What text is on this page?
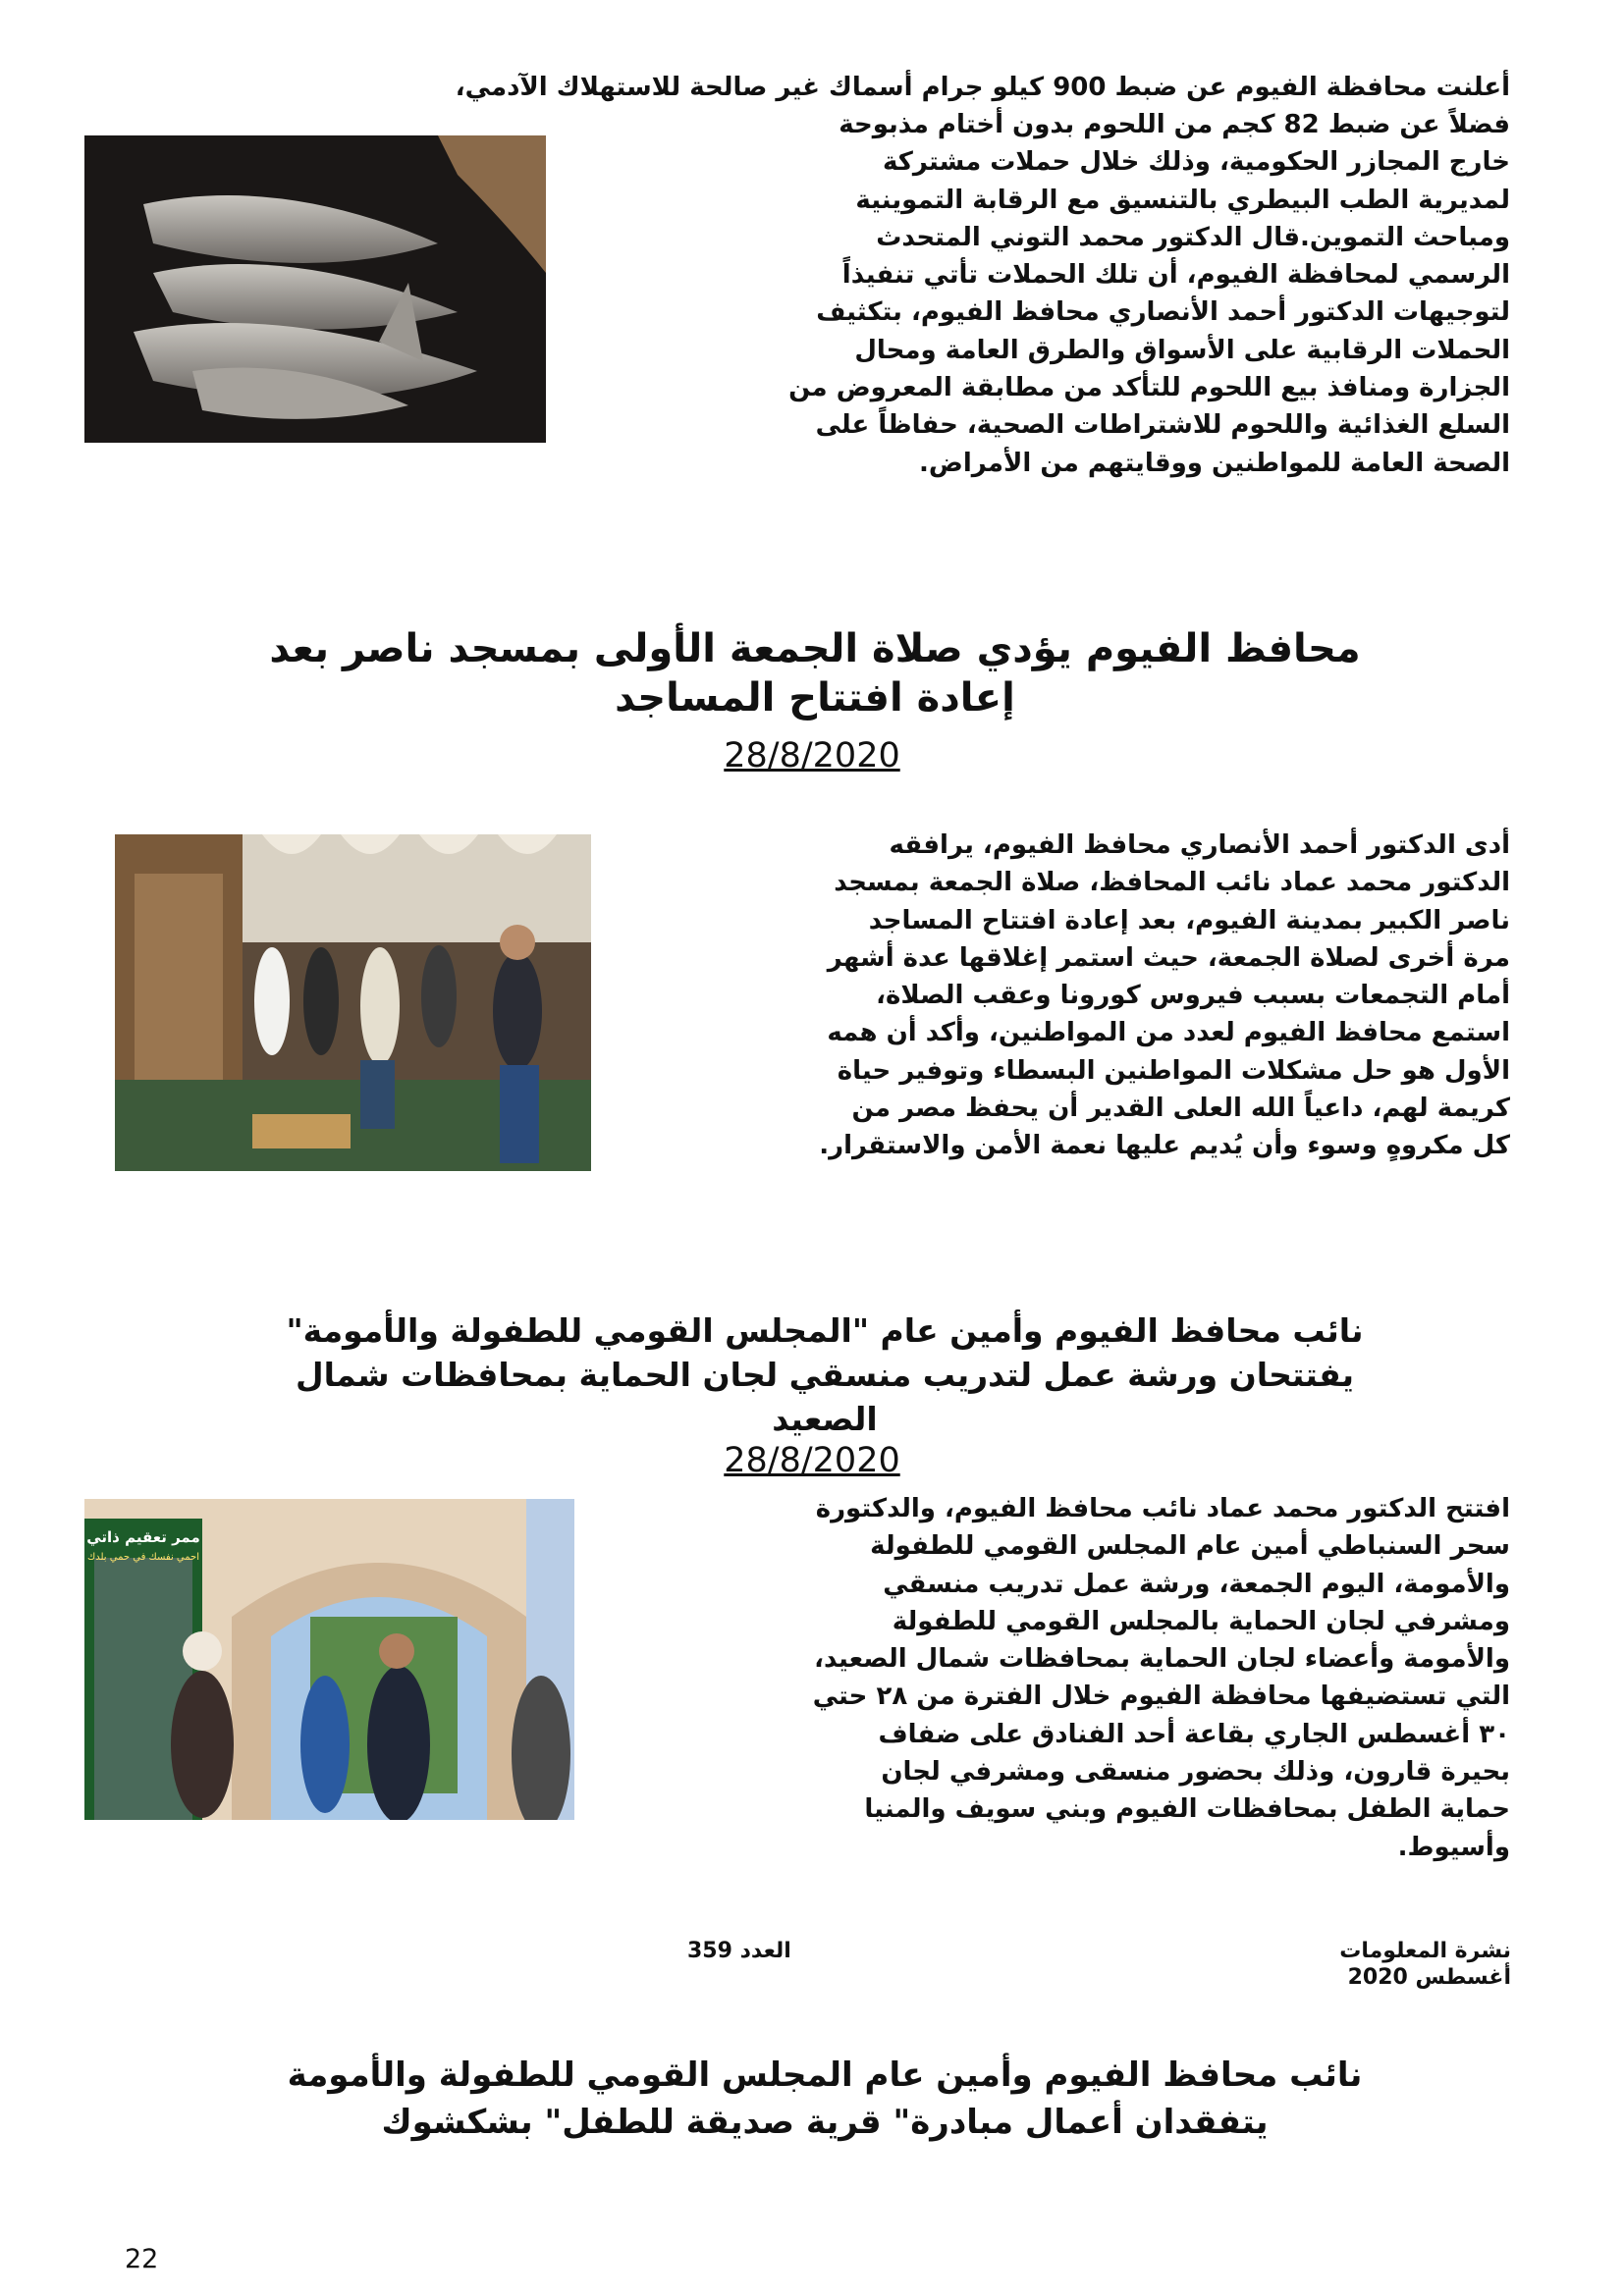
أعلنت محافظة الفيوم عن ضبط 900 كيلو جرام أسماك غير صالحة للاستهلاك الآدمي،

فضلاً عن ضبط 82 كجم من اللحوم بدون أختام مذبوحة

خارج المجازر الحكومية، وذلك خلال حملات مشتركة

لمديرية الطب البيطري بالتنسيق مع الرقابة التموينية

ومباحث التموين.قال الدكتور محمد التوني المتحدث

الرسمي لمحافظة الفيوم، أن تلك الحملات تأتي تنفيذاً

لتوجيهات الدكتور أحمد الأنصاري محافظ الفيوم، بتكثيف

الحملات الرقابية على الأسواق والطرق العامة ومحال

الجزارة ومنافذ بيع اللحوم للتأكد من مطابقة المعروض من

السلع الغذائية واللحوم للاشتراطات الصحية، حفاظاً على

الصحة العامة للمواطنين ووقايتهم من الأمراض.

محافظ الفيوم يؤدي صلاة الجمعة الأولى بمسجد ناصر بعد
إعادة افتتاح المساجد
28/8/2020

أدى الدكتور أحمد الأنصاري محافظ الفيوم، يرافقه

الدكتور محمد عماد نائب المحافظ، صلاة الجمعة بمسجد

ناصر الكبير بمدينة الفيوم، بعد إعادة افتتاح المساجد

مرة أخرى لصلاة الجمعة، حيث استمر إغلاقها عدة أشهر

أمام التجمعات بسبب فيروس كورونا وعقب الصلاة،

استمع محافظ الفيوم لعدد من المواطنين، وأكد أن همه

الأول هو حل مشكلات المواطنين البسطاء وتوفير حياة

كريمة لهم، داعياً الله العلى القدير أن يحفظ مصر من

كل مكروهٍ وسوء وأن يُديم عليها نعمة الأمن والاستقرار.

نائب محافظ الفيوم وأمين عام "المجلس القومي للطفولة والأمومة"
يفتتحان ورشة عمل لتدريب منسقي لجان الحماية بمحافظات شمال
الصعيد
28/8/2020
ممر تعقيم ذاتي
احمي نفسك في حمي بلدك

افتتح الدكتور محمد عماد نائب محافظ الفيوم، والدكتورة

سحر السنباطي أمين عام المجلس القومي للطفولة

والأمومة، اليوم الجمعة، ورشة عمل تدريب منسقي

ومشرفي لجان الحماية بالمجلس القومي للطفولة

والأمومة وأعضاء لجان الحماية بمحافظات شمال الصعيد،

التي تستضيفها محافظة الفيوم خلال الفترة من ٢٨ حتي

٣٠ أغسطس الجاري بقاعة أحد الفنادق على ضفاف

بحيرة قارون، وذلك بحضور منسقى ومشرفي لجان

حماية الطفل بمحافظات الفيوم وبني سويف والمنيا

وأسيوط.

نشرة المعلومات
أغسطس 2020
العدد 359
نائب محافظ الفيوم وأمين عام المجلس القومي للطفولة والأمومة
يتفقدان أعمال مبادرة" قرية صديقة للطفل" بشكشوك
22
